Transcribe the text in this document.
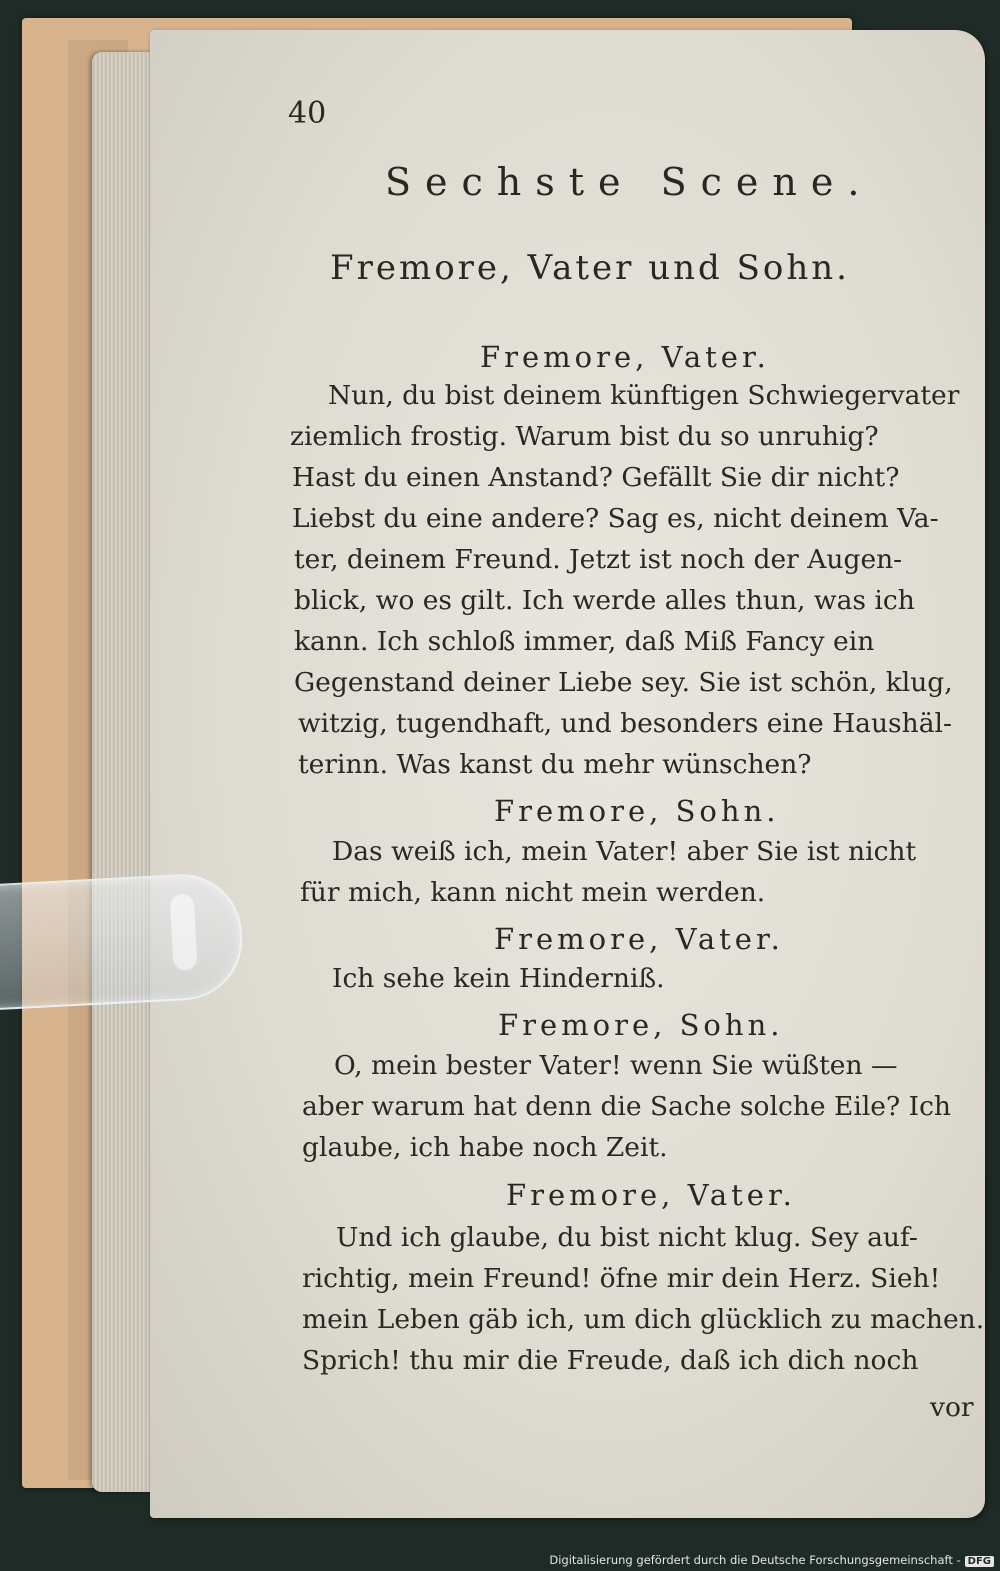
40
Sechste Scene.
Fremore, Vater und Sohn.
Fremore, Vater.
Nun, du bist deinem künftigen Schwiegervater
ziemlich frostig. Warum bist du so unruhig?
Hast du einen Anstand? Gefällt Sie dir nicht?
Liebst du eine andere? Sag es, nicht deinem Va-
ter, deinem Freund. Jetzt ist noch der Augen-
blick, wo es gilt. Ich werde alles thun, was ich
kann. Ich schloß immer, daß Miß Fancy ein
Gegenstand deiner Liebe sey. Sie ist schön, klug,
witzig, tugendhaft, und besonders eine Haushäl-
terinn. Was kanst du mehr wünschen?
Fremore, Sohn.
Das weiß ich, mein Vater! aber Sie ist nicht
für mich, kann nicht mein werden.
Fremore, Vater.
Ich sehe kein Hinderniß.
Fremore, Sohn.
O, mein bester Vater! wenn Sie wüßten —
aber warum hat denn die Sache solche Eile? Ich
glaube, ich habe noch Zeit.
Fremore, Vater.
Und ich glaube, du bist nicht klug. Sey auf-
richtig, mein Freund! öfne mir dein Herz. Sieh!
mein Leben gäb ich, um dich glücklich zu machen.
Sprich! thu mir die Freude, daß ich dich noch
vor
Digitalisierung gefördert durch die Deutsche Forschungsgemeinschaft - DFG
